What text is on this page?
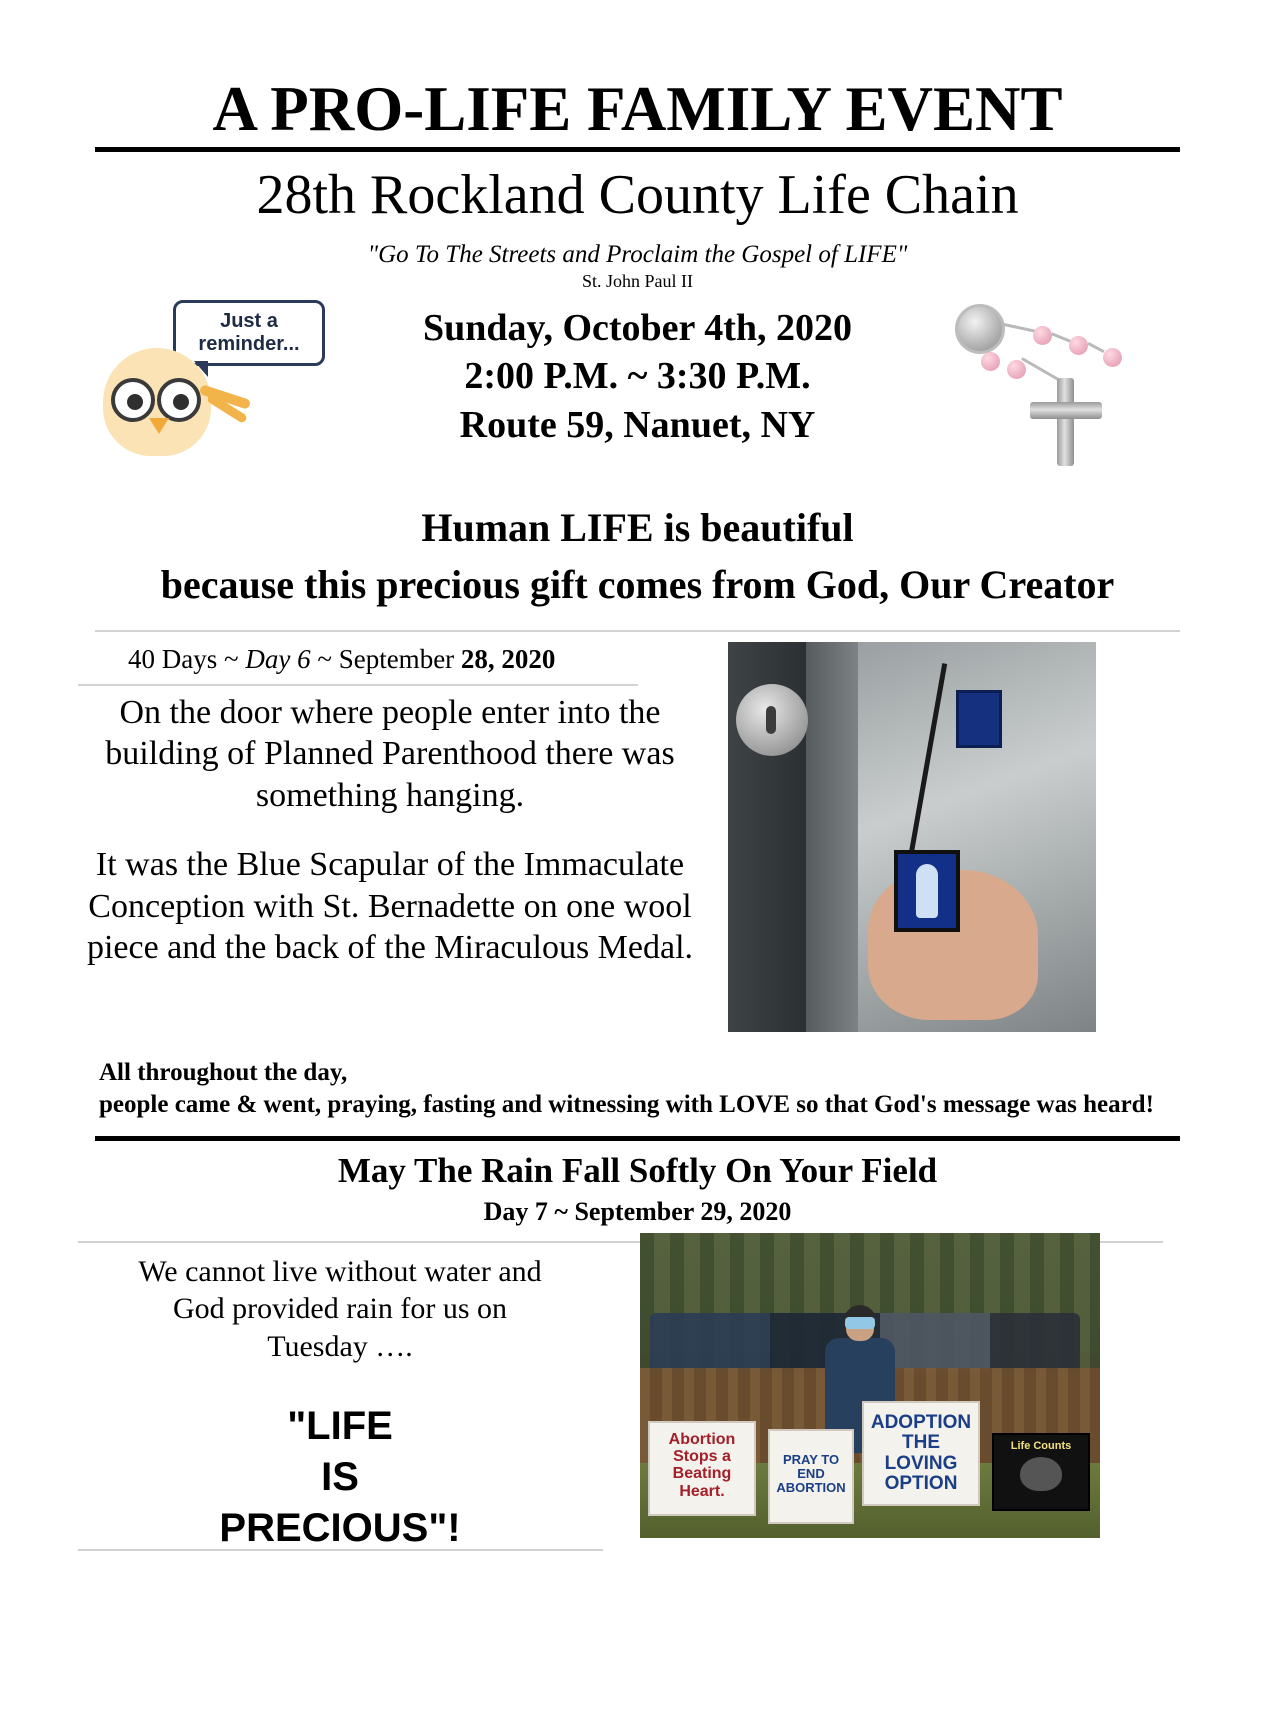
A PRO-LIFE FAMILY EVENT
28th Rockland County Life Chain
"Go To The Streets and Proclaim the Gospel of LIFE"
St. John Paul II
Just a
reminder...	Sunday, October 4th, 2020
2:00 P.M. ~ 3:30 P.M.
Route 59, Nanuet, NY
Human LIFE is beautiful
because this precious gift comes from God, Our Creator
40 Days ~ Day 6 ~ September 28, 2020

On the door where people enter into the building of Planned Parenthood there was something hanging.

It was the Blue Scapular of the Immaculate Conception with St. Bernadette on one wool piece and the back of the Miraculous Medal.

All throughout the day,
people came & went, praying, fasting and witnessing with LOVE so that God's message was heard!
May The Rain Fall Softly On Your Field
Day 7 ~ September 29, 2020
We cannot live without water and God provided rain for us on Tuesday ….
"LIFE
IS
PRECIOUS"!
Abortion Stops a Beating Heart.
PRAY TO END ABORTION
ADOPTION THE LOVING OPTION
Life Counts
